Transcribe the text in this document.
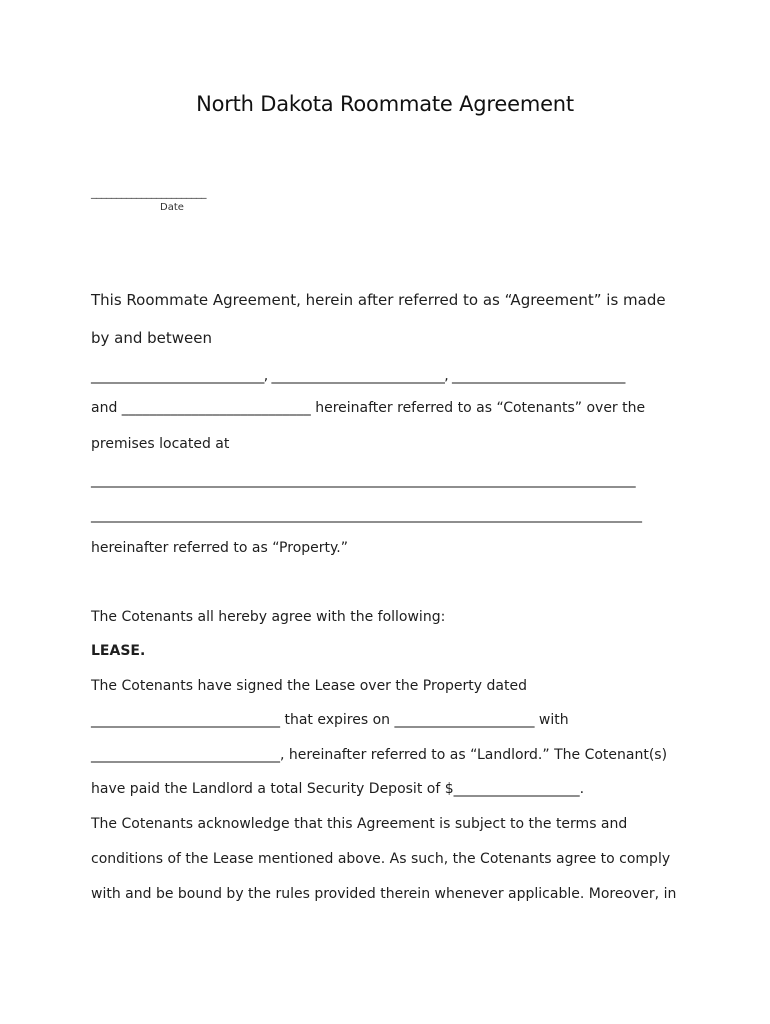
North Dakota Roommate Agreement
_______________________
Date

This Roommate Agreement, herein after referred to as “Agreement” is made

by and between

___________________________, ___________________________, ___________________________

and ___________________________ hereinafter referred to as “Cotenants” over the

premises located at

_____________________________________________________________________________________

______________________________________________________________________________________

hereinafter referred to as “Property.”

The Cotenants all hereby agree with the following:

LEASE.

The Cotenants have signed the Lease over the Property dated

___________________________ that expires on ____________________ with

___________________________, hereinafter referred to as “Landlord.” The Cotenant(s)

have paid the Landlord a total Security Deposit of $__________________.

The Cotenants acknowledge that this Agreement is subject to the terms and

conditions of the Lease mentioned above. As such, the Cotenants agree to comply

with and be bound by the rules provided therein whenever applicable. Moreover, in
